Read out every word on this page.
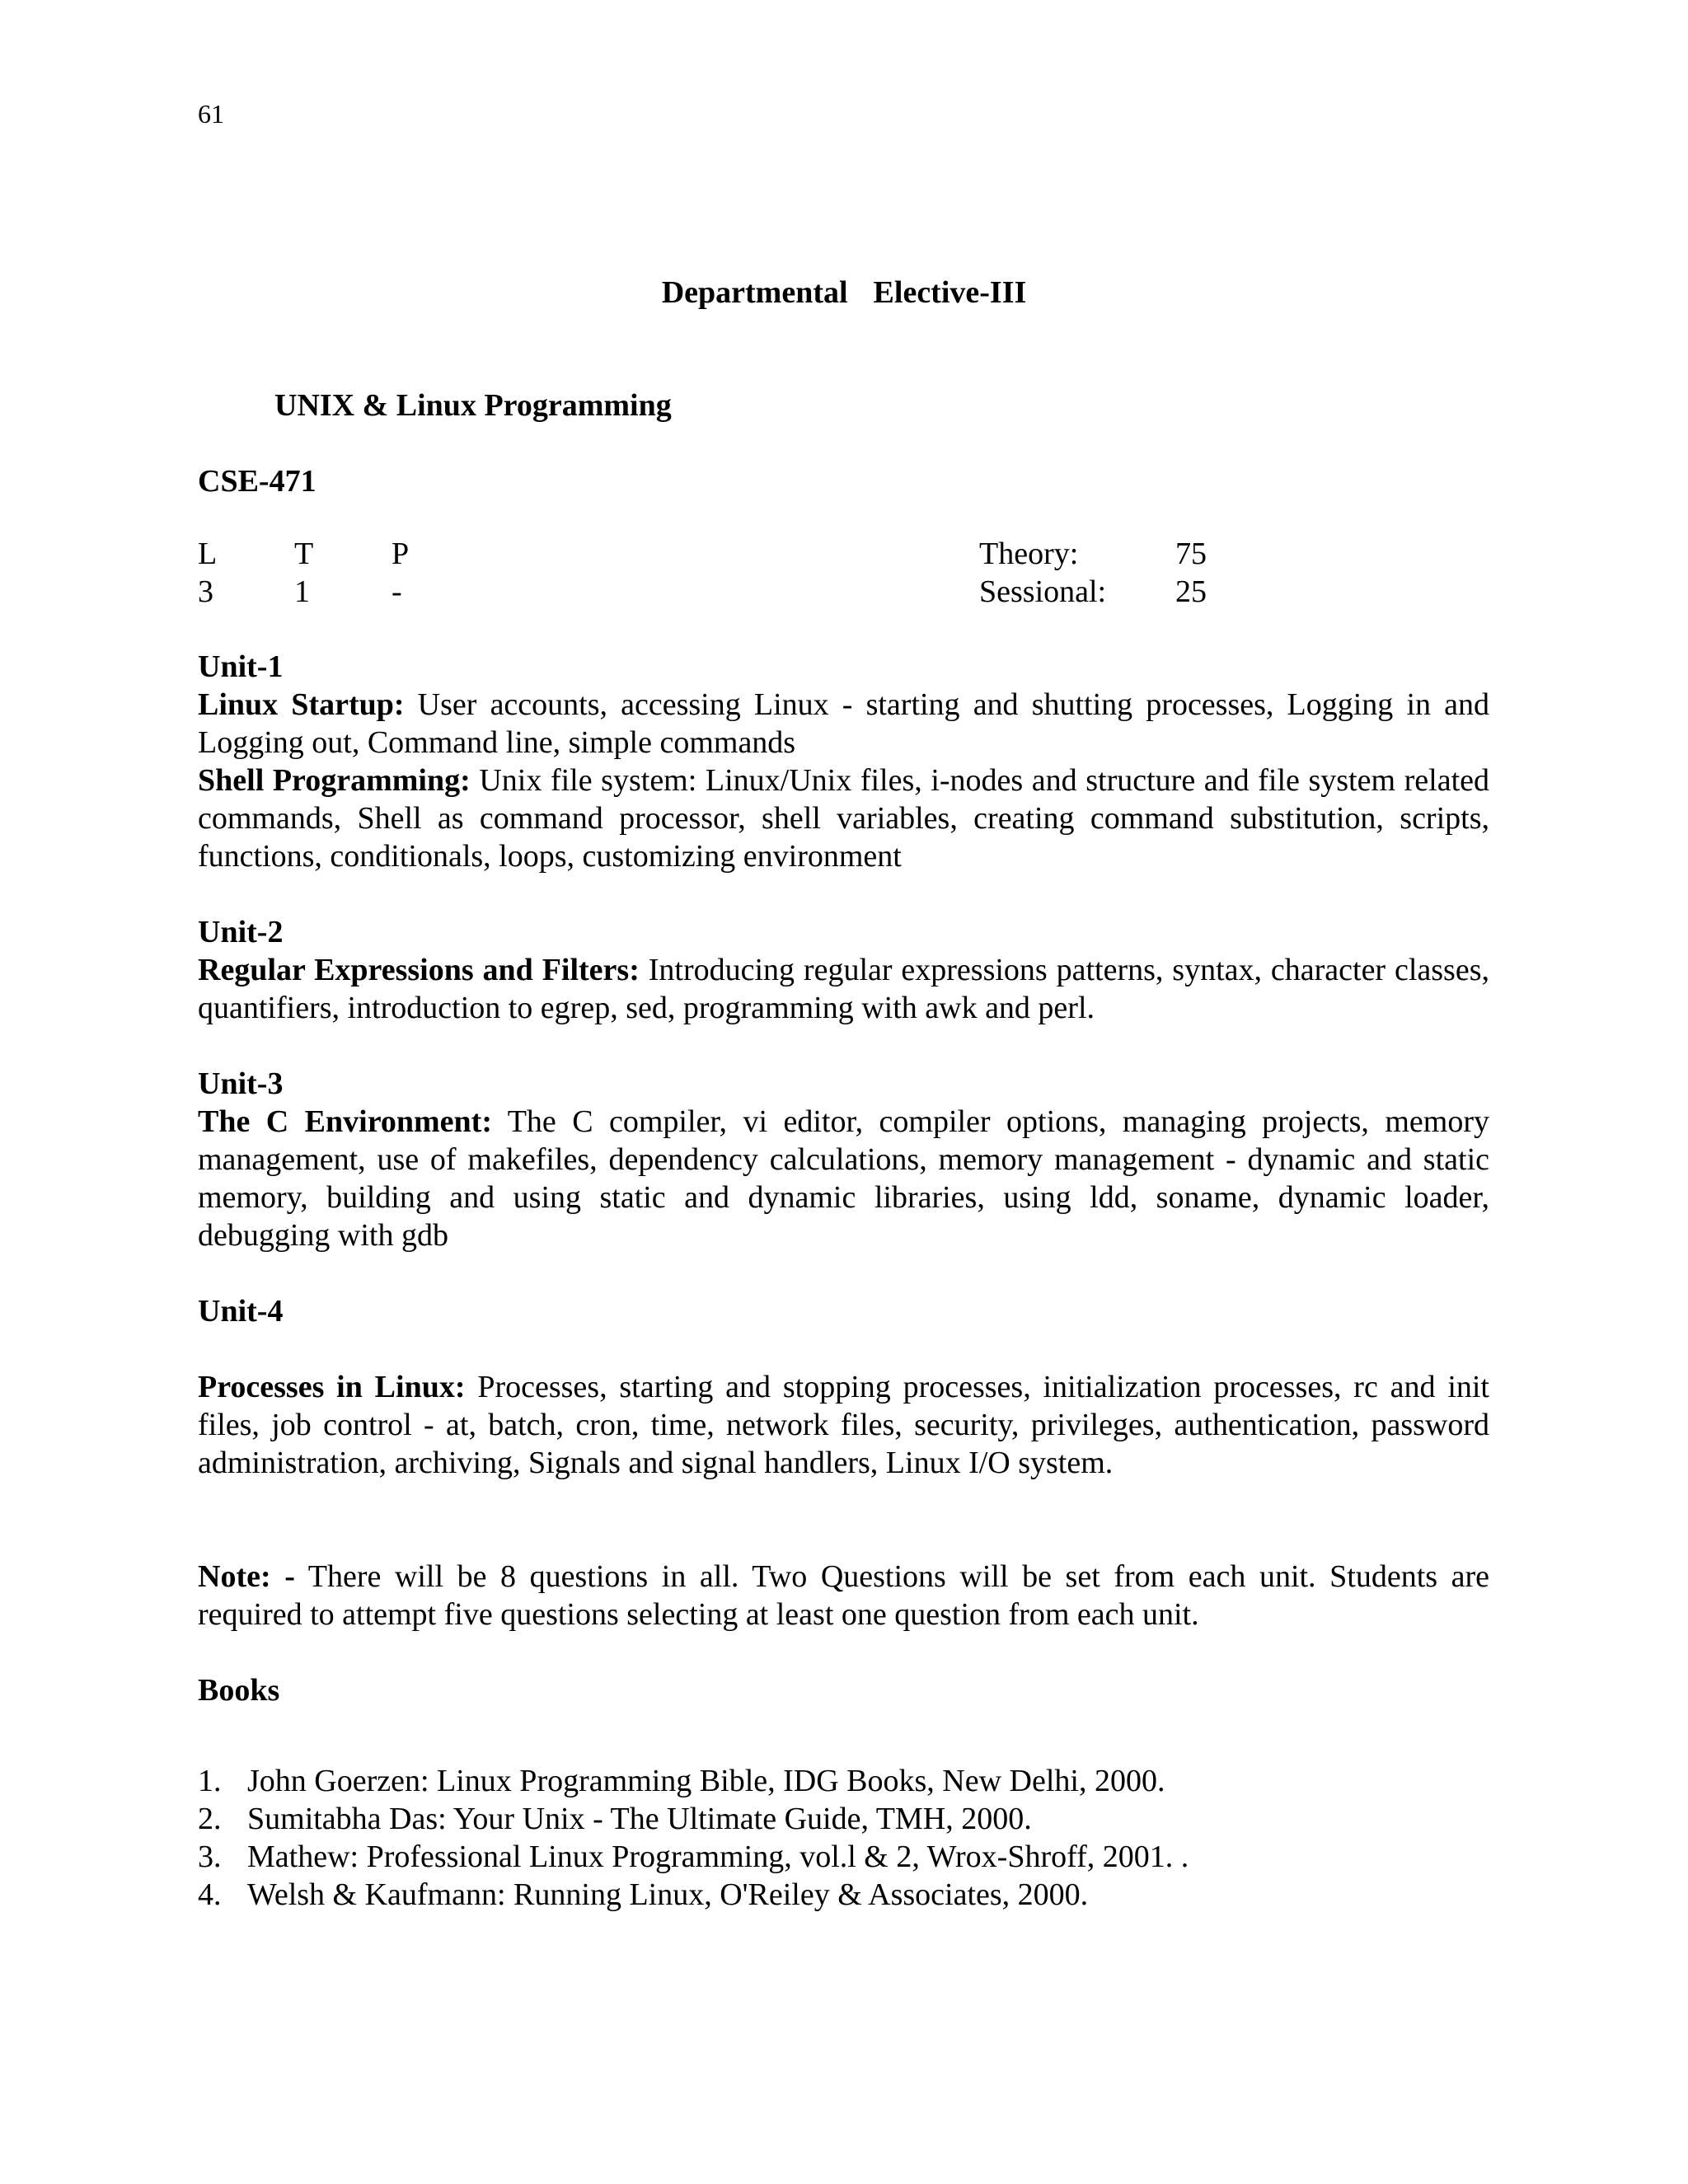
61
Departmental  Elective-III
UNIX & Linux Programming
CSE-471
L T P	Theory:	75
3	1	-	Sessional: 25

Unit-1

Linux Startup: User accounts, accessing Linux - starting and shutting processes, Logging in and Logging out, Command line, simple commands

Shell Programming: Unix file system: Linux/Unix files, i-nodes and structure and file system related commands, Shell as command processor, shell variables, creating command substitution, scripts, functions, conditionals, loops, customizing environment

Unit-2

Regular Expressions and Filters: Introducing regular expressions patterns, syntax, character classes, quantifiers, introduction to egrep, sed, programming with awk and perl.

Unit-3

The C Environment: The C compiler, vi editor, compiler options, managing projects, memory management, use of makefiles, dependency calculations, memory management - dynamic and static memory, building and using static and dynamic libraries, using ldd, soname, dynamic loader, debugging with gdb

Unit-4

Processes in Linux: Processes, starting and stopping processes, initialization processes, rc and init files, job control - at, batch, cron, time, network files, security, privileges, authentication, password administration, archiving, Signals and signal handlers, Linux I/O system.

Note: - There will be 8 questions in all. Two Questions will be set from each unit. Students are required to attempt five questions selecting at least one question from each unit.

Books
1. John Goerzen: Linux Programming Bible, IDG Books, New Delhi, 2000.
2. Sumitabha Das: Your Unix - The Ultimate Guide, TMH, 2000.
3. Mathew: Professional Linux Programming, vol.l & 2, Wrox-Shroff, 2001. .
4. Welsh & Kaufmann: Running Linux, O'Reiley & Associates, 2000.
